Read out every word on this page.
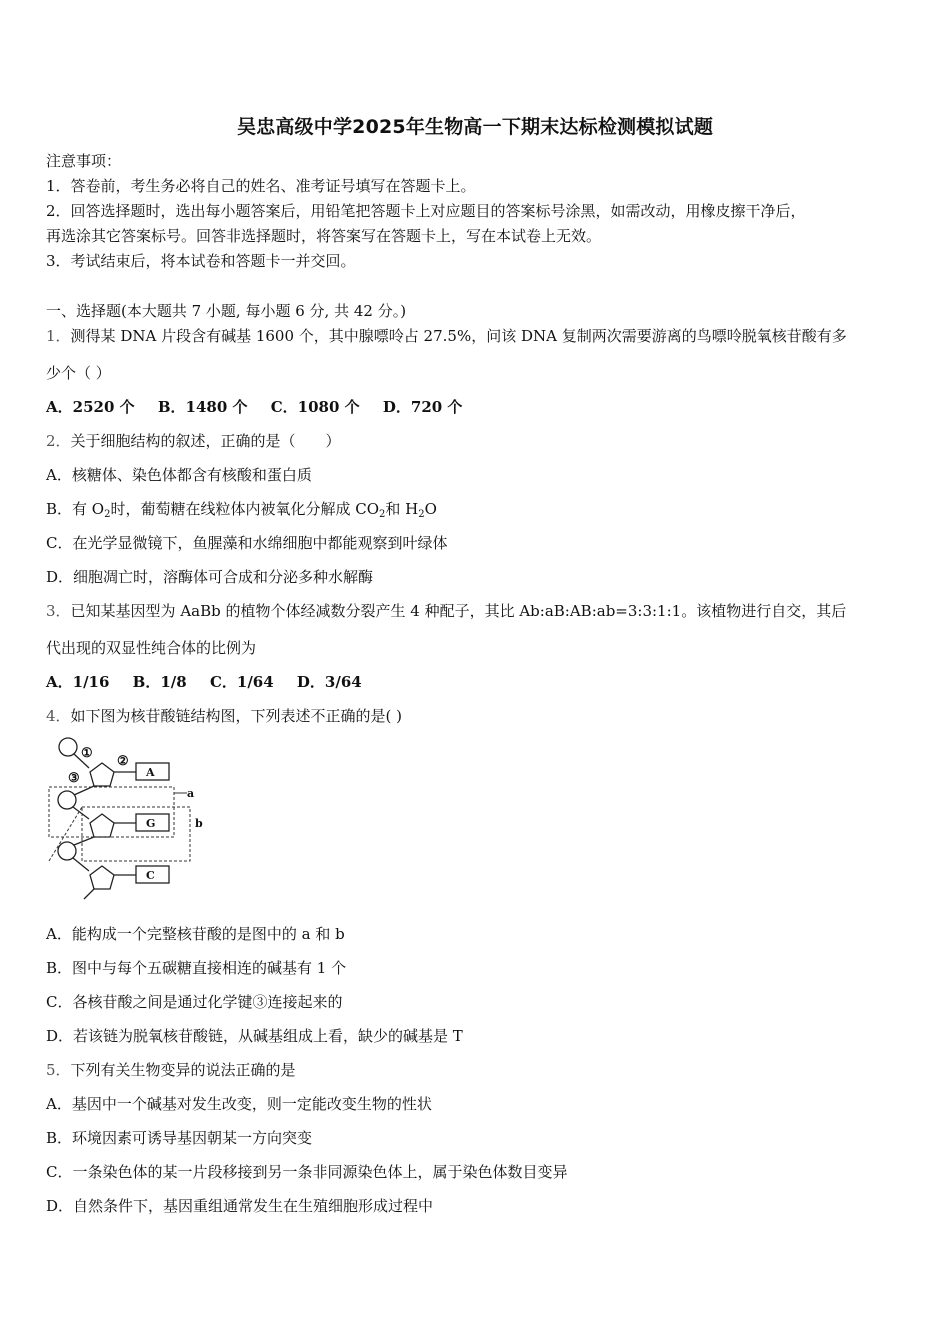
吴忠高级中学2025年生物高一下期末达标检测模拟试题
注意事项：
1．答卷前，考生务必将自己的姓名、准考证号填写在答题卡上。
2．回答选择题时，选出每小题答案后，用铅笔把答题卡上对应题目的答案标号涂黑，如需改动，用橡皮擦干净后，
再选涂其它答案标号。回答非选择题时，将答案写在答题卡上，写在本试卷上无效。
3．考试结束后，将本试卷和答题卡一并交回。
一、选择题(本大题共 7 小题, 每小题 6 分, 共 42 分。)
1．测得某 DNA 片段含有碱基 1600 个，其中腺嘌呤占 27.5%，问该 DNA 复制两次需要游离的鸟嘌呤脱氧核苷酸有多
少个（ ）
A．2520 个 B．1480 个 C．1080 个 D．720 个
2．关于细胞结构的叙述，正确的是（　　）
A．核糖体、染色体都含有核酸和蛋白质
B．有 $O_2$时，葡萄糖在线粒体内被氧化分解成 $CO_2$和 $H_2O$
C．在光学显微镜下，鱼腥藻和水绵细胞中都能观察到叶绿体
D．细胞凋亡时，溶酶体可合成和分泌多种水解酶
3．已知某基因型为 AaBb 的植物个体经减数分裂产生 4 种配子，其比 Ab:aB:AB:ab=3:3:1:1。该植物进行自交，其后
代出现的双显性纯合体的比例为
A．1/16 B．1/8 C．1/64 D．3/64
4．如下图为核苷酸链结构图，下列表述不正确的是( )
①
②
③	A
G
C
a
b
A．能构成一个完整核苷酸的是图中的 a 和 b
B．图中与每个五碳糖直接相连的碱基有 1 个
C．各核苷酸之间是通过化学键③连接起来的
D．若该链为脱氧核苷酸链，从碱基组成上看，缺少的碱基是 T
5．下列有关生物变异的说法正确的是
A．基因中一个碱基对发生改变，则一定能改变生物的性状
B．环境因素可诱导基因朝某一方向突变
C．一条染色体的某一片段移接到另一条非同源染色体上，属于染色体数目变异
D．自然条件下，基因重组通常发生在生殖细胞形成过程中
